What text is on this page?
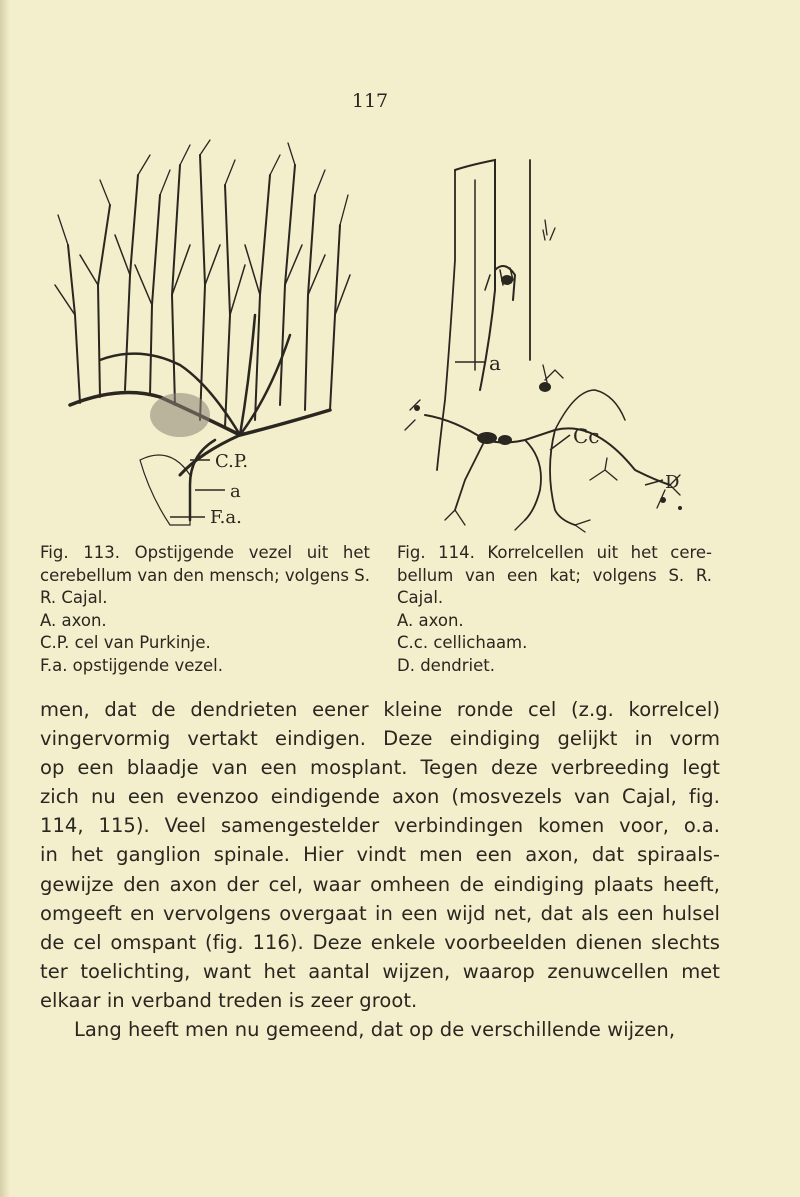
117
C.P.
a
F.a.
a
Cc
D
Fig. 113. Opstijgende vezel uit het cerebellum van den mensch; volgens S. R. Cajal.
A. axon.
C.P. cel van Purkinje.
F.a. opstijgende vezel.
Fig. 114. Korrelcellen uit het cere- bellum van een kat; volgens S. R. Cajal.
A. axon.
C.c. cellichaam.
D. dendriet.

men, dat de dendrieten eener kleine ronde cel (z.g. korrelcel)

vingervormig vertakt eindigen. Deze eindiging gelijkt in vorm

op een blaadje van een mosplant. Tegen deze verbreeding legt

zich nu een evenzoo eindigende axon (mosvezels van Cajal, fig.

114, 115). Veel samengestelder verbindingen komen voor, o.a.

in het ganglion spinale. Hier vindt men een axon, dat spiraals-

gewijze den axon der cel, waar omheen de eindiging plaats heeft,

omgeeft en vervolgens overgaat in een wijd net, dat als een hulsel

de cel omspant (fig. 116). Deze enkele voorbeelden dienen slechts

ter toelichting, want het aantal wijzen, waarop zenuwcellen met

elkaar in verband treden is zeer groot.

Lang heeft men nu gemeend, dat op de verschillende wijzen,
